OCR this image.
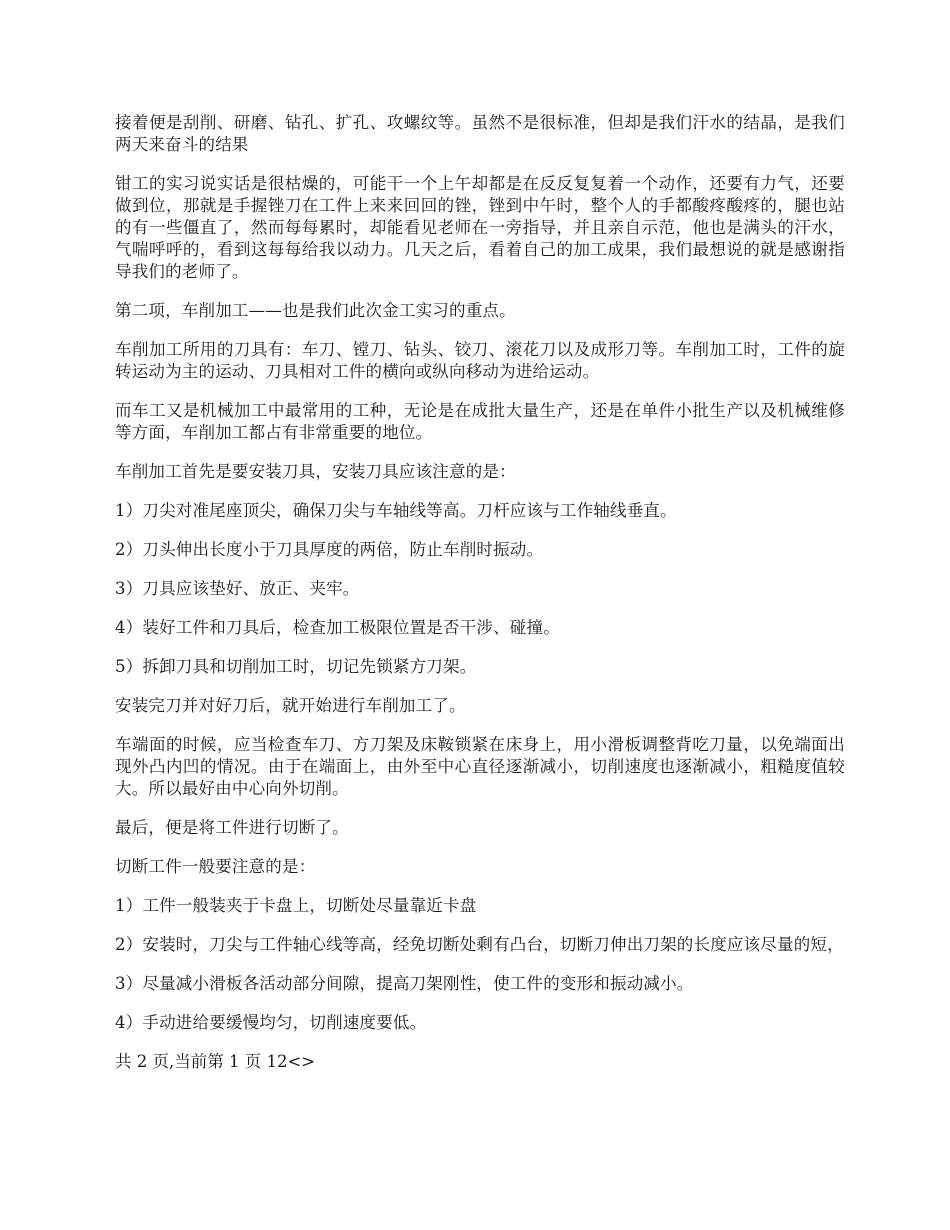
接着便是刮削、研磨、钻孔、扩孔、攻螺纹等。虽然不是很标准，但却是我们汗水的结晶，是我们两天来奋斗的结果

钳工的实习说实话是很枯燥的，可能干一个上午却都是在反反复复着一个动作，还要有力气，还要做到位，那就是手握锉刀在工件上来来回回的锉，锉到中午时，整个人的手都酸疼酸疼的，腿也站的有一些僵直了，然而每每累时，却能看见老师在一旁指导，并且亲自示范，他也是满头的汗水，气喘呼呼的，看到这每每给我以动力。几天之后，看着自己的加工成果，我们最想说的就是感谢指导我们的老师了。

第二项，车削加工——也是我们此次金工实习的重点。

车削加工所用的刀具有：车刀、镗刀、钻头、铰刀、滚花刀以及成形刀等。车削加工时，工件的旋转运动为主的运动、刀具相对工件的横向或纵向移动为进给运动。

而车工又是机械加工中最常用的工种，无论是在成批大量生产，还是在单件小批生产以及机械维修等方面，车削加工都占有非常重要的地位。

车削加工首先是要安装刀具，安装刀具应该注意的是：

1）刀尖对准尾座顶尖，确保刀尖与车轴线等高。刀杆应该与工作轴线垂直。

2）刀头伸出长度小于刀具厚度的两倍，防止车削时振动。

3）刀具应该垫好、放正、夹牢。

4）装好工件和刀具后，检查加工极限位置是否干涉、碰撞。

5）拆卸刀具和切削加工时，切记先锁紧方刀架。

安装完刀并对好刀后，就开始进行车削加工了。

车端面的时候，应当检查车刀、方刀架及床鞍锁紧在床身上，用小滑板调整背吃刀量，以免端面出现外凸内凹的情况。由于在端面上，由外至中心直径逐渐减小，切削速度也逐渐减小，粗糙度值较大。所以最好由中心向外切削。

最后，便是将工件进行切断了。

切断工件一般要注意的是：

1）工件一般装夹于卡盘上，切断处尽量靠近卡盘

2）安装时，刀尖与工件轴心线等高，经免切断处剩有凸台，切断刀伸出刀架的长度应该尽量的短，

3）尽量减小滑板各活动部分间隙，提高刀架刚性，使工件的变形和振动减小。

4）手动进给要缓慢均匀，切削速度要低。

共 2 页,当前第 1 页 12<>
